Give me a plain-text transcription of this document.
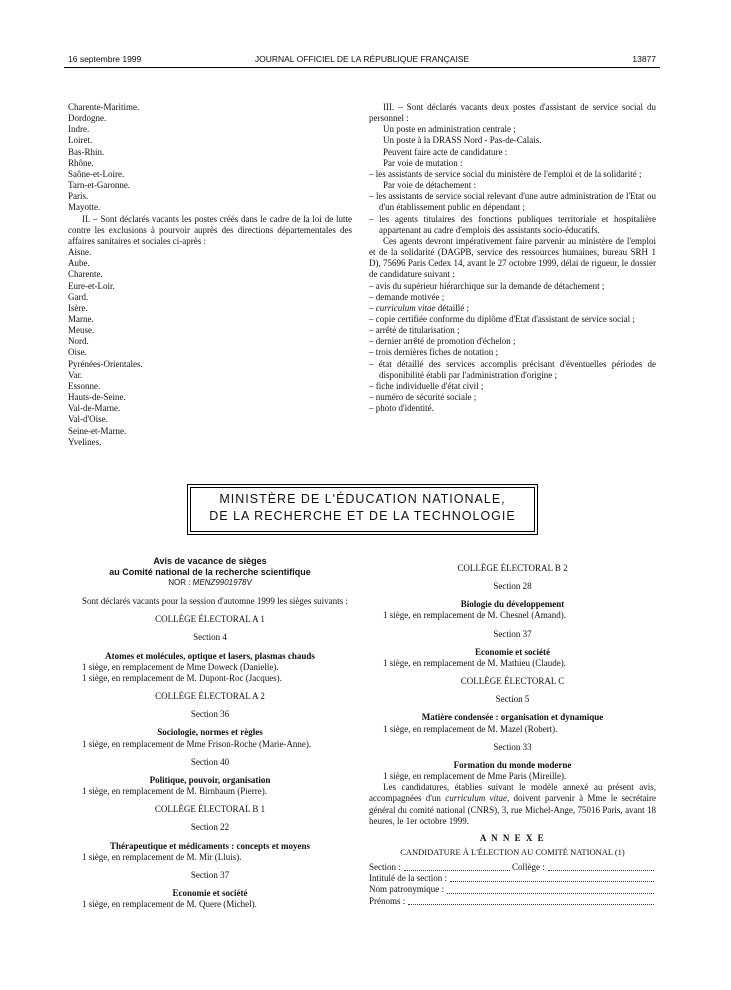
16 septembre 1999	JOURNAL OFFICIEL DE LA RÉPUBLIQUE FRANÇAISE	13877
Charente-Maritime.
Dordogne.
Indre.
Loiret.
Bas-Rhin.
Rhône.
Saône-et-Loire.
Tarn-et-Garonne.
Paris.
Mayotte.
II. – Sont déclarés vacants les postes créés dans le cadre de la loi de lutte contre les exclusions à pourvoir auprès des directions départementales des affaires sanitaires et sociales ci-après :
Aisne.
Aube.
Charente.
Eure-et-Loir.
Gard.
Isère.
Marne.
Meuse.
Nord.
Oise.
Pyrénées-Orientales.
Var.
Essonne.
Hauts-de-Seine.
Val-de-Marne.
Val-d'Oise.
Seine-et-Marne.
Yvelines.
III. – Sont déclarés vacants deux postes d'assistant de service social du personnel :
Un poste en administration centrale ;
Un poste à la DRASS Nord - Pas-de-Calais.
Peuvent faire acte de candidature :
Par voie de mutation :
– les assistants de service social du ministère de l'emploi et de la solidarité ;
Par voie de détachement :
– les assistants de service social relevant d'une autre administration de l'Etat ou d'un établissement public en dépendant ;
– les agents titulaires des fonctions publiques territoriale et hospitalière appartenant au cadre d'emplois des assistants socio-éducatifs.
Ces agents devront impérativement faire parvenir au ministère de l'emploi et de la solidarité (DAGPB, service des ressources humaines, bureau SRH 1 D), 75696 Paris Cedex 14, avant le 27 octobre 1999, délai de rigueur, le dossier de candidature suivant :
– avis du supérieur hiérarchique sur la demande de détachement ;
– demande motivée ;
– curriculum vitae détaillé ;
– copie certifiée conforme du diplôme d'Etat d'assistant de service social ;
– arrêté de titularisation ;
– dernier arrêté de promotion d'échelon ;
– trois dernières fiches de notation ;
– état détaillé des services accomplis précisant d'éventuelles périodes de disponibilité établi par l'administration d'origine ;
– fiche individuelle d'état civil ;
– numéro de sécurité sociale ;
– photo d'identité.
MINISTÈRE DE L'ÉDUCATION NATIONALE,
DE LA RECHERCHE ET DE LA TECHNOLOGIE
Avis de vacance de sièges
au Comité national de la recherche scientifique
NOR : MENZ9901978V
Sont déclarés vacants pour la session d'automne 1999 les sièges suivants :
COLLÈGE ÉLECTORAL A 1
Section 4
Atomes et molécules, optique et lasers, plasmas chauds
1 siège, en remplacement de Mme Doweck (Danielle).
1 siège, en remplacement de M. Dupont-Roc (Jacques).
COLLÈGE ÉLECTORAL A 2
Section 36
Sociologie, normes et règles
1 siège, en remplacement de Mme Frison-Roche (Marie-Anne).
Section 40
Politique, pouvoir, organisation
1 siège, en remplacement de M. Birnbaum (Pierre).
COLLÈGE ÉLECTORAL B 1
Section 22
Thérapeutique et médicaments : concepts et moyens
1 siège, en remplacement de M. Mir (Lluis).
Section 37
Economie et société
1 siège, en remplacement de M. Quere (Michel).
COLLÈGE ÉLECTORAL B 2
Section 28
Biologie du développement
1 siège, en remplacement de M. Chesnel (Amand).
Section 37
Economie et société
1 siège, en remplacement de M. Mathieu (Claude).
COLLÈGE ÉLECTORAL C
Section 5
Matière condensée : organisation et dynamique
1 siège, en remplacement de M. Mazel (Robert).
Section 33
Formation du monde moderne
1 siège, en remplacement de Mme Paris (Mireille).
Les candidatures, établies suivant le modèle annexé au présent avis, accompagnées d'un curriculum vitae, doivent parvenir à Mme le secrétaire général du comité national (CNRS), 3, rue Michel-Ange, 75016 Paris, avant 18 heures, le 1er octobre 1999.
A N N E X E
CANDIDATURE À L'ÉLECTION AU COMITÉ NATIONAL (1)
Section :	Collège :
Intitulé de la section :
Nom patronymique :
Prénoms :
